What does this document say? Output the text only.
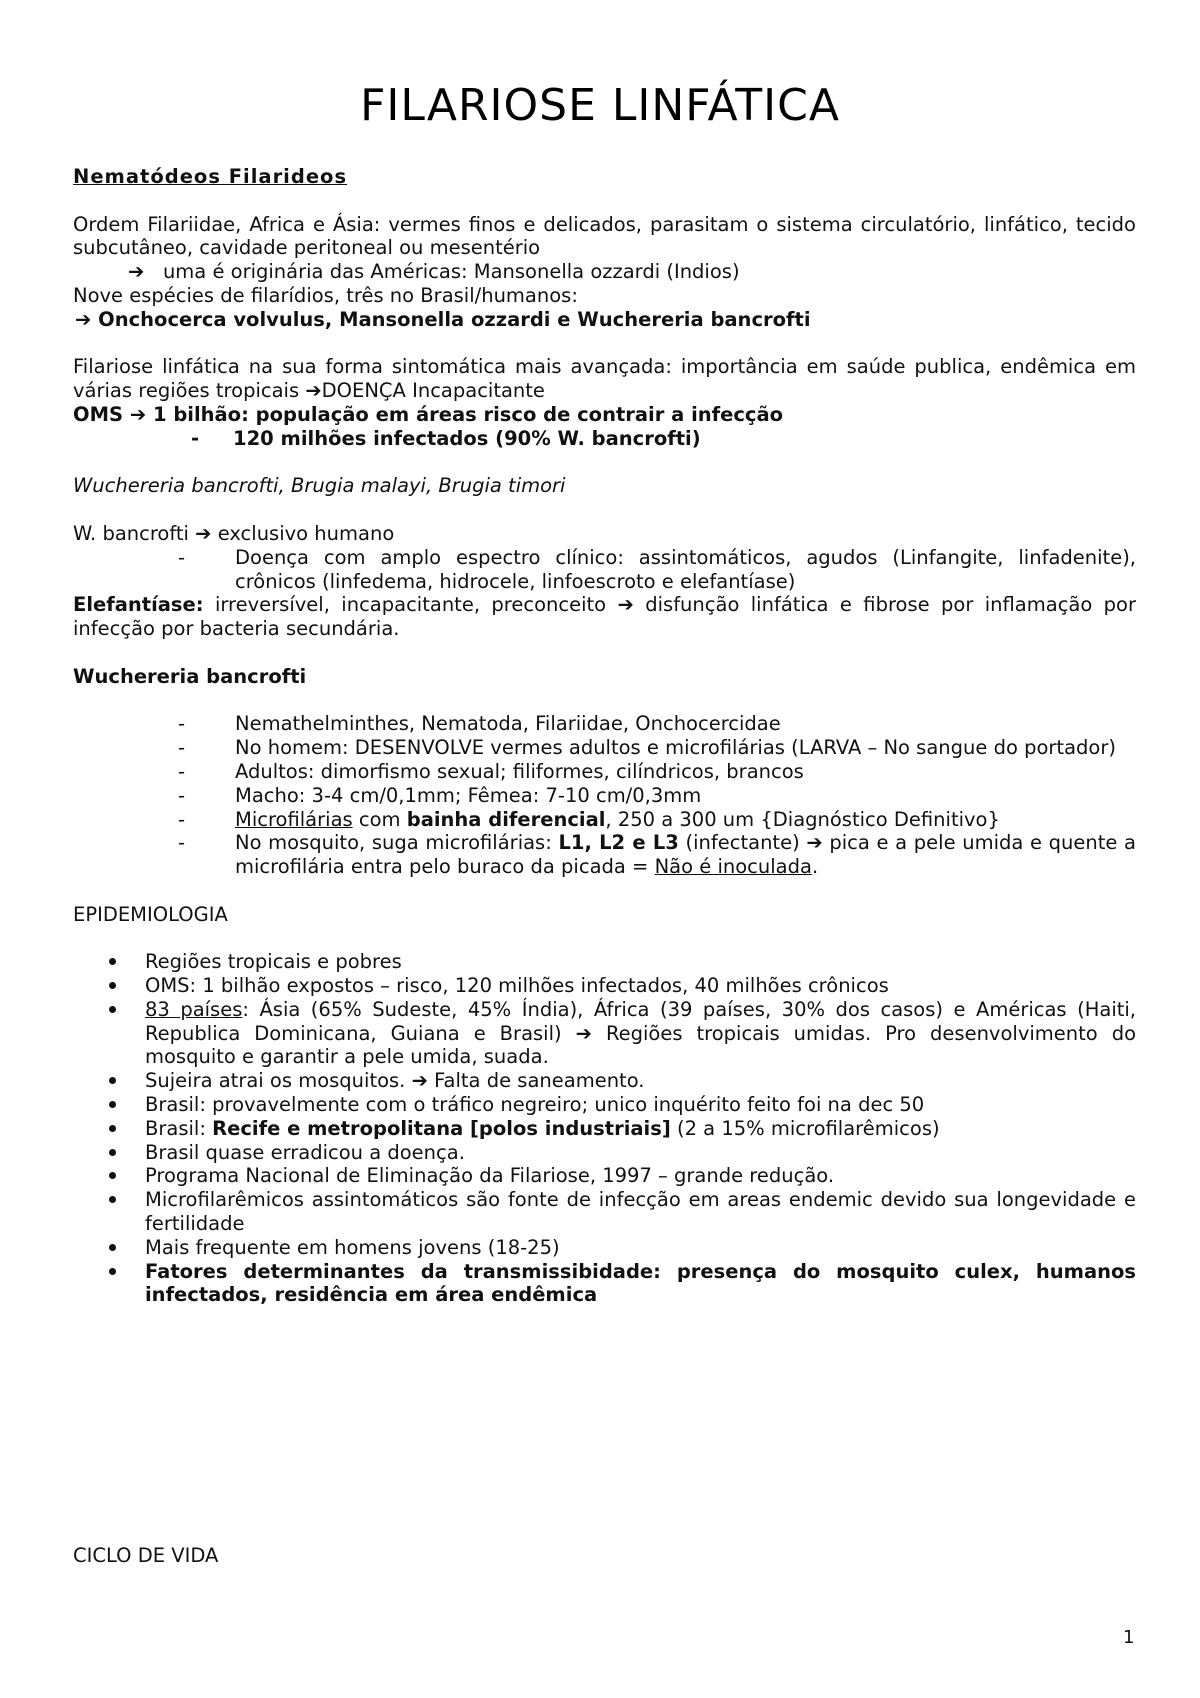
FILARIOSE LINFÁTICA

Nematódeos Filarideos

Ordem Filariidae, Africa e Ásia: vermes finos e delicados, parasitam o sistema circulatório, linfático, tecido subcutâneo, cavidade peritoneal ou mesentério

➔ uma é originária das Américas: Mansonella ozzardi (Indios)

Nove espécies de filarídios, três no Brasil/humanos:

➔ Onchocerca volvulus, Mansonella ozzardi e Wuchereria bancrofti

Filariose linfática na sua forma sintomática mais avançada: importância em saúde publica, endêmica em várias regiões tropicais ➔DOENÇA Incapacitante

OMS ➔ 1 bilhão: população em áreas risco de contrair a infecção

-     120 milhões infectados (90% W. bancrofti)

Wuchereria bancrofti, Brugia malayi, Brugia timori

W. bancrofti ➔ exclusivo humano

-	Doença com amplo espectro clínico: assintomáticos, agudos (Linfangite, linfadenite), crônicos (linfedema, hidrocele, linfoescroto e elefantíase)

Elefantíase: irreversível, incapacitante, preconceito ➔ disfunção linfática e fibrose por inflamação por infecção por bacteria secundária.

Wuchereria bancrofti

-	Nemathelminthes, Nematoda, Filariidae, Onchocercidae
-	No homem: DESENVOLVE vermes adultos e microfilárias (LARVA – No sangue do portador)
-	Adultos: dimorfismo sexual; filiformes, cilíndricos, brancos
-	Macho: 3-4 cm/0,1mm; Fêmea: 7-10 cm/0,3mm
-	Microfilárias com bainha diferencial, 250 a 300 um {Diagnóstico Definitivo}
-	No mosquito, suga microfilárias: L1, L2 e L3 (infectante) ➔ pica e a pele umida e quente a microfilária entra pelo buraco da picada = Não é inoculada.

EPIDEMIOLOGIA

Regiões tropicais e pobres
OMS: 1 bilhão expostos – risco, 120 milhões infectados, 40 milhões crônicos
83 países: Ásia (65% Sudeste, 45% Índia), África (39 países, 30% dos casos) e Américas (Haiti, Republica Dominicana, Guiana e Brasil) ➔ Regiões tropicais umidas. Pro desenvolvimento do mosquito e garantir a pele umida, suada.
Sujeira atrai os mosquitos. ➔ Falta de saneamento.
Brasil: provavelmente com o tráfico negreiro; unico inquérito feito foi na dec 50
Brasil: Recife e metropolitana [polos industriais] (2 a 15% microfilarêmicos)
Brasil quase erradicou a doença.
Programa Nacional de Eliminação da Filariose, 1997 – grande redução.
Microfilarêmicos assintomáticos são fonte de infecção em areas endemic devido sua longevidade e fertilidade
Mais frequente em homens jovens (18-25)
Fatores determinantes da transmissibidade: presença do mosquito culex, humanos infectados, residência em área endêmica
CICLO DE VIDA
1
